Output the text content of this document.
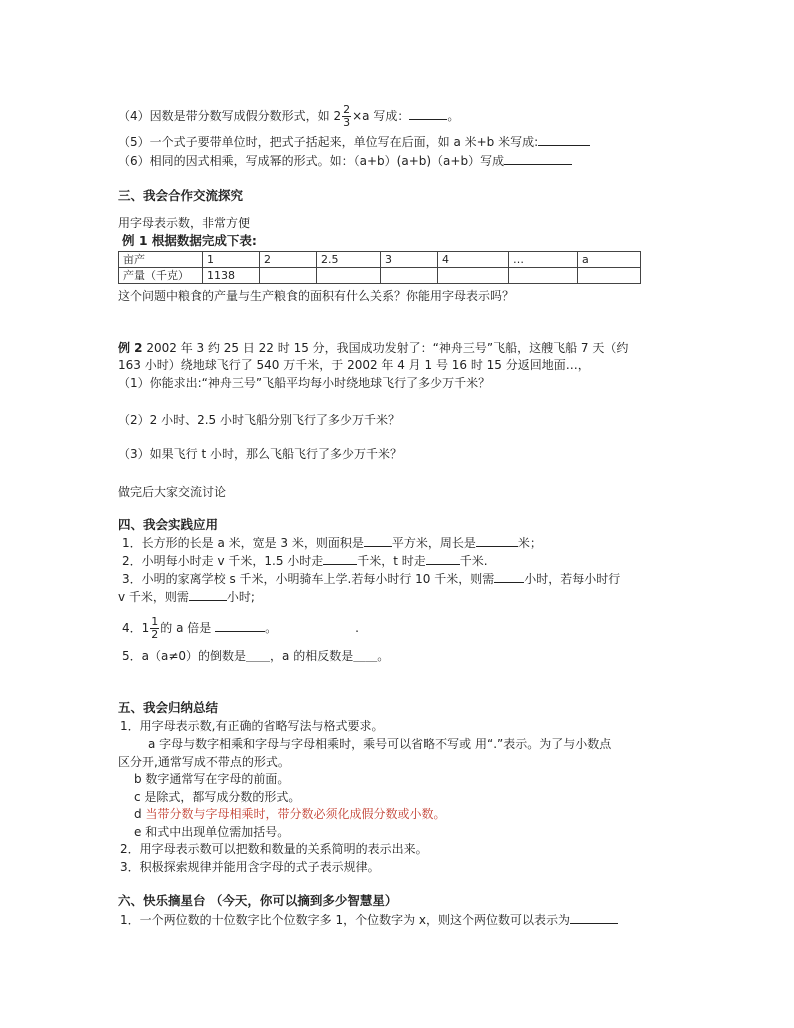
（4）因数是带分数写成假分数形式，如 $2 \frac{2}{3} \times a$ 写成：	。
（5）一个式子要带单位时，把式子括起来，单位写在后面，如 a 米+b 米写成:
（6）相同的因式相乘，写成幂的形式。如：（a+b）(a+b)（a+b）写成
三、我会合作交流探究
用字母表示数，非常方便
例 1 根据数据完成下表:
亩产	1	2	2.5	3	4	…	a
产量（千克）	1138						
这个问题中粮食的产量与生产粮食的面积有什么关系？你能用字母表示吗？
例 2 2002 年 3 约 25 日 22 时 15 分，我国成功发射了：“神舟三号”飞船，这艘飞船 7 天（约
163 小时）绕地球飞行了 540 万千米，于 2002 年 4 月 1 号 16 时 15 分返回地面…，
（1）你能求出:“神舟三号”飞船平均每小时绕地球飞行了多少万千米？
（2）2 小时、2.5 小时飞船分别飞行了多少万千米？
（3）如果飞行 t 小时，那么飞船飞行了多少万千米？
做完后大家交流讨论
四、我会实践应用
1．长方形的长是 a 米，宽是 3 米，则面积是 平方米，周长是	米；
2．小明每小时走 v 千米，1.5 小时走	千米，t 时走	千米.
3．小明的家离学校 s 千米，小明骑车上学.若每小时行 10 千米，则需	小时，若每小时行
v 千米，则需	小时;
4．$1 \frac{1}{2}$ 的 a 倍是	。	.
5．a（a≠0）的倒数是＿＿，a 的相反数是＿＿。
五、我会归纳总结
1．用字母表示数,有正确的省略写法与格式要求。
a 字母与数字相乘和字母与字母相乘时，乘号可以省略不写或 用“.”表示。为了与小数点
区分开,通常写成不带点的形式。
b 数字通常写在字母的前面。
c 是除式，都写成分数的形式。
d 当带分数与字母相乘时，带分数必须化成假分数或小数。
e 和式中出现单位需加括号。
2．用字母表示数可以把数和数量的关系简明的表示出来。
3．积极探索规律并能用含字母的式子表示规律。
六、快乐摘星台 （今天，你可以摘到多少智慧星）
1．一个两位数的十位数字比个位数字多 1，个位数字为 x，则这个两位数可以表示为
